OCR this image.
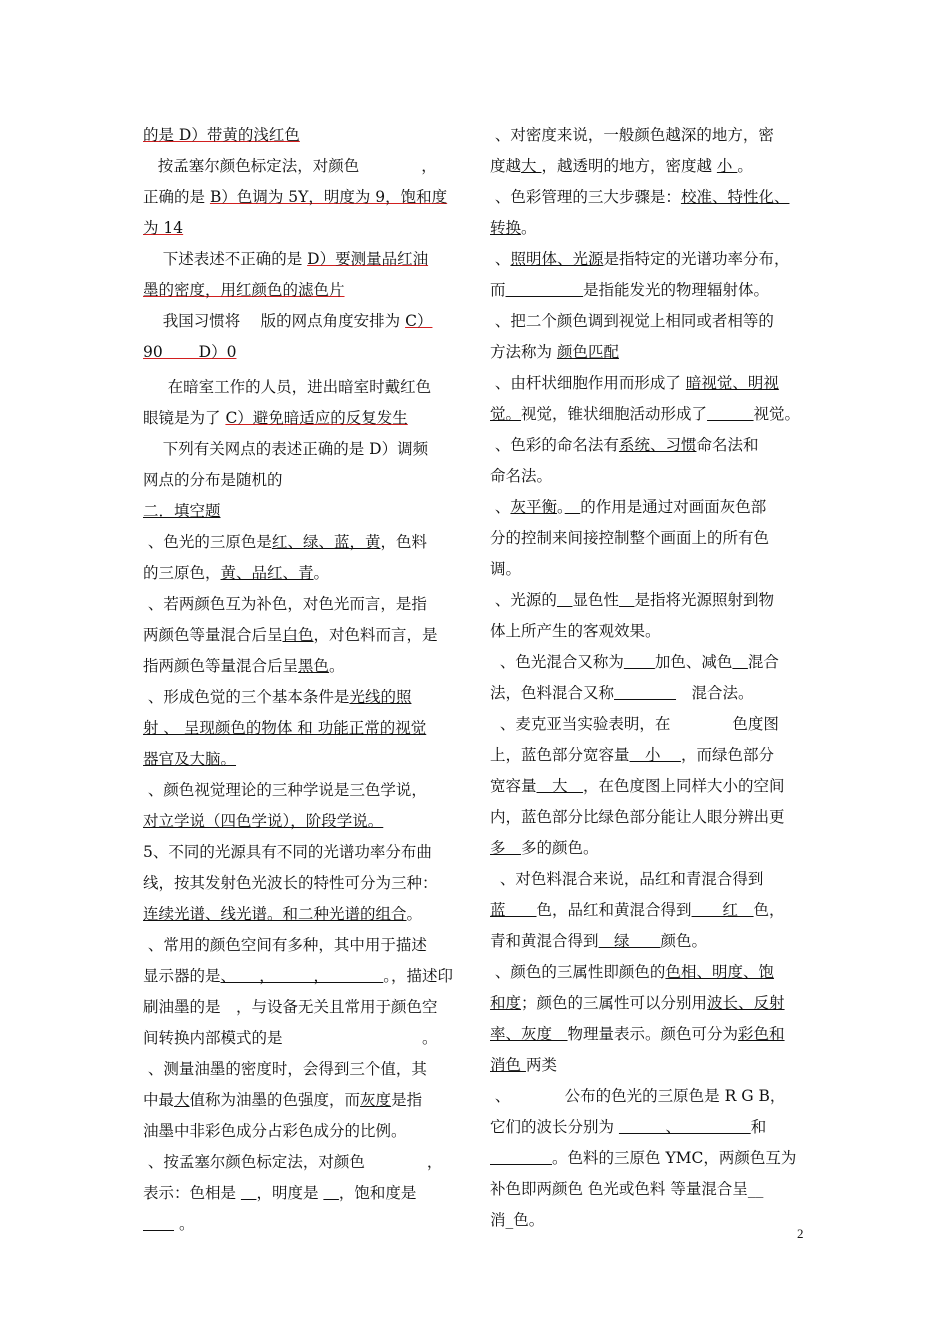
的是 D）带黄的浅红色

按孟塞尔颜色标定法，对颜色　　　　，
正确的是 B）色调为 5Y，明度为 9，饱和度
为 14

下述表述不正确的是 D）要测量品红油
墨的密度，用红颜色的滤色片

我国习惯将　 版的网点角度安排为 C）
90　　 D）0

在暗室工作的人员，进出暗室时戴红色
眼镜是为了 C）避免暗适应的反复发生

下列有关网点的表述正确的是 D）调频
网点的分布是随机的

二．填空题

、色光的三原色是红、绿、蓝，黄，色料
的三原色，黄、品红、青。

、若两颜色互为补色，对色光而言，是指
两颜色等量混合后呈白色，对色料而言，是
指两颜色等量混合后呈黑色。

、形成色觉的三个基本条件是光线的照
射 、 呈现颜色的物体 和 功能正常的视觉
器官及大脑。

、颜色视觉理论的三种学说是三色学说，
对立学说（四色学说），阶段学说。

5、不同的光源具有不同的光谱功率分布曲
线，按其发射色光波长的特性可分为三种：
连续光谱、线光谱。和二种光谱的组合。

、常用的颜色空间有多种，其中用于描述
显示器的是、　　，　　　，　　　　。，描述印
刷油墨的是　，与设备无关且常用于颜色空
间转换内部模式的是　　　　　　　　　。

、测量油墨的密度时，会得到三个值，其
中最大值称为油墨的色强度，而灰度是指
油墨中非彩色成分占彩色成分的比例。

、按孟塞尔颜色标定法，对颜色　　　　，
表示：色相是 　，明度是 　，饱和度是
　　 。

、对密度来说，一般颜色越深的地方，密
度越大 ，越透明的地方，密度越 小 。

、色彩管理的三大步骤是：校准、特性化、
转换。

、照明体、光源是指特定的光谱功率分布，
而　　　　　	是指能发光的物理辐射体。

、把二个颜色调到视觉上相同或者相等的
方法称为 颜色匹配

、由杆状细胞作用而形成了 暗视觉、明视
觉。视觉，锥状细胞活动形成了　　　	视觉。

、色彩的命名法有系统、习惯命名法和
命名法。

、灰平衡。　 的作用是通过对画面灰色部
分的控制来间接控制整个画面上的所有色
调。

、光源的　 显色性　 是指将光源照射到物
体上所产生的客观效果。

、色光混合又称为　　 加色、减色　 混合
法，色料混合又称　　　　	　混合法。

、麦克亚当实验表明，在　　　　色度图
上，蓝色部分宽容量　小　 ，而绿色部分
宽容量　大　，在色度图上同样大小的空间
内，蓝色部分比绿色部分能让人眼分辨出更
多　多的颜色。

、对色料混合来说，品红和青混合得到
蓝　　色，品红和黄混合得到　　红　色，
青和黄混合得到　绿　　颜色。

、颜色的三属性即颜色的色相、明度、饱
和度；颜色的三属性可以分别用波长、反射
率、灰度　物理量表示。颜色可分为彩色和
消色 两类

、　　　　公布的色光的三原色是 R G B，
它们的波长分别为 　　　、　　　　　和
　　　　。色料的三原色 YMC，两颜色互为
补色即两颜色 色光或色料 等量混合呈__
消_色。

2
